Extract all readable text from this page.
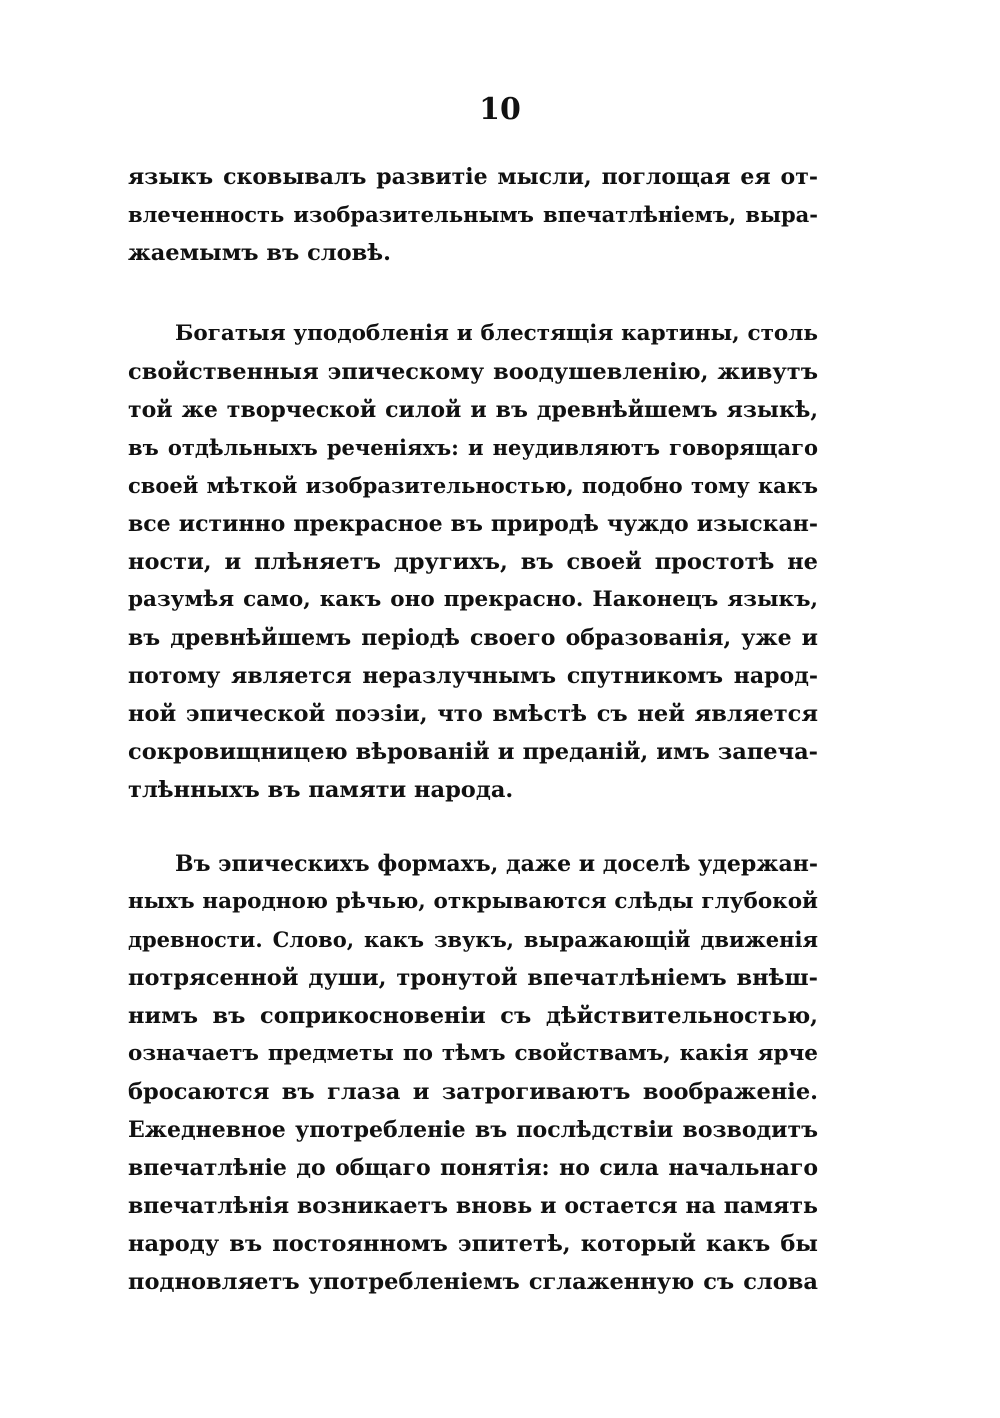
10
языкъ сковывалъ развитіе мысли, поглощая ея от-
влеченность изобразительнымъ впечатлѣніемъ, выра-
жаемымъ въ словѣ.
Богатыя уподобленія и блестящія картины, столь
свойственныя эпическому воодушевленію, живутъ
той же творческой силой и въ древнѣйшемъ языкѣ,
въ отдѣльныхъ реченіяхъ: и неудивляютъ говорящаго
своей мѣткой изобразительностью, подобно тому какъ
все истинно прекрасное въ природѣ чуждо изыскан-
ности, и плѣняетъ другихъ, въ своей простотѣ не
разумѣя само, какъ оно прекрасно. Наконецъ языкъ,
въ древнѣйшемъ періодѣ своего образованія, уже и
потому является неразлучнымъ спутникомъ народ-
ной эпической поэзіи, что вмѣстѣ съ ней является
сокровищницею вѣрованій и преданій, имъ запеча-
тлѣнныхъ въ памяти народа.
Въ эпическихъ формахъ, даже и доселѣ удержан-
ныхъ народною рѣчью, открываются слѣды глубокой
древности. Слово, какъ звукъ, выражающій движенія
потрясенной души, тронутой впечатлѣніемъ внѣш-
нимъ въ соприкосновеніи съ дѣйствительностью,
означаетъ предметы по тѣмъ свойствамъ, какія ярче
бросаются въ глаза и затрогиваютъ воображеніе.
Ежедневное употребленіе въ послѣдствіи возводитъ
впечатлѣніе до общаго понятія: но сила начальнаго
впечатлѣнія возникаетъ вновь и остается на память
народу въ постоянномъ эпитетѣ, который какъ бы
подновляетъ употребленіемъ сглаженную съ слова
